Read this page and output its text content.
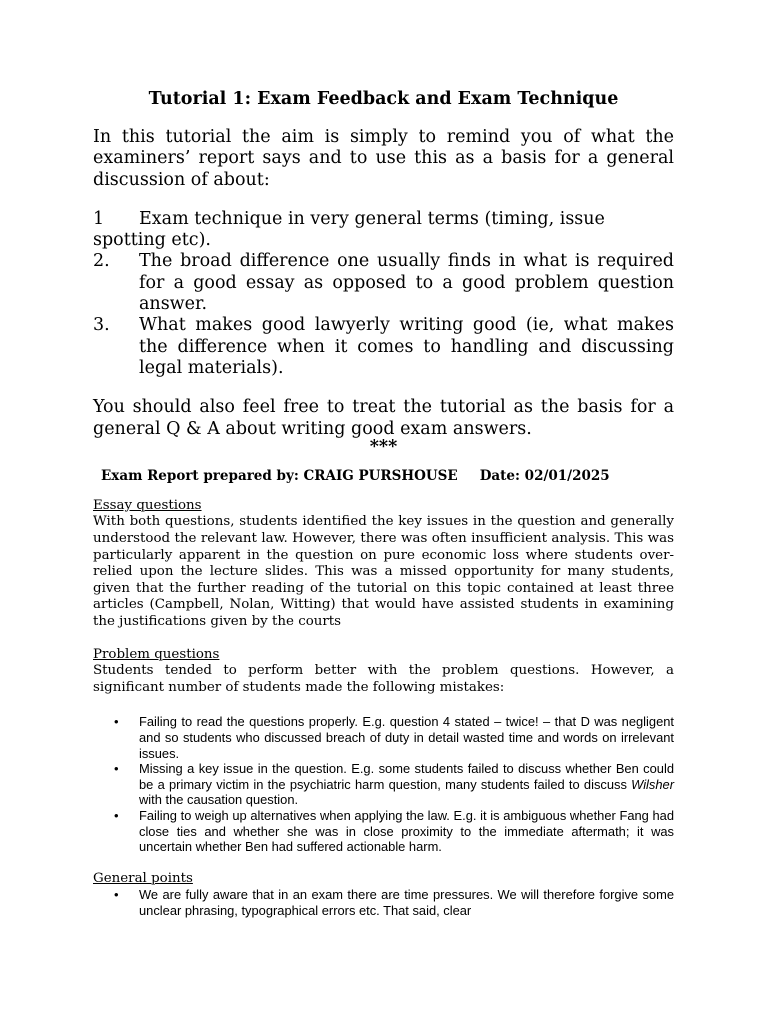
Tutorial 1: Exam Feedback and Exam Technique
In this tutorial the aim is simply to remind you of what the examiners’ report says and to use this as a basis for a general discussion of about:
1	Exam technique in very general terms (timing, issue
spotting etc).
2. The broad difference one usually finds in what is required for a good essay as opposed to a good problem question answer.
3. What makes good lawyerly writing good (ie, what makes the difference when it comes to handling and discussing legal materials).
You should also feel free to treat the tutorial as the basis for a general Q & A about writing good exam answers.
***
Exam Report prepared by: CRAIG PURSHOUSE Date: 02/01/2025
Essay questions
With both questions, students identified the key issues in the question and generally understood the relevant law. However, there was often insufficient analysis. This was particularly apparent in the question on pure economic loss where students over-relied upon the lecture slides. This was a missed opportunity for many students, given that the further reading of the tutorial on this topic contained at least three articles (Campbell, Nolan, Witting) that would have assisted students in examining the justifications given by the courts
Problem questions
Students tended to perform better with the problem questions. However, a significant number of students made the following mistakes:
• Failing to read the questions properly. E.g. question 4 stated – twice! – that D was negligent and so students who discussed breach of duty in detail wasted time and words on irrelevant issues.
• Missing a key issue in the question. E.g. some students failed to discuss whether Ben could be a primary victim in the psychiatric harm question, many students failed to discuss Wilsher with the causation question.
• Failing to weigh up alternatives when applying the law. E.g. it is ambiguous whether Fang had close ties and whether she was in close proximity to the immediate aftermath; it was uncertain whether Ben had suffered actionable harm.
General points
• We are fully aware that in an exam there are time pressures. We will therefore forgive some unclear phrasing, typographical errors etc. That said, clear
